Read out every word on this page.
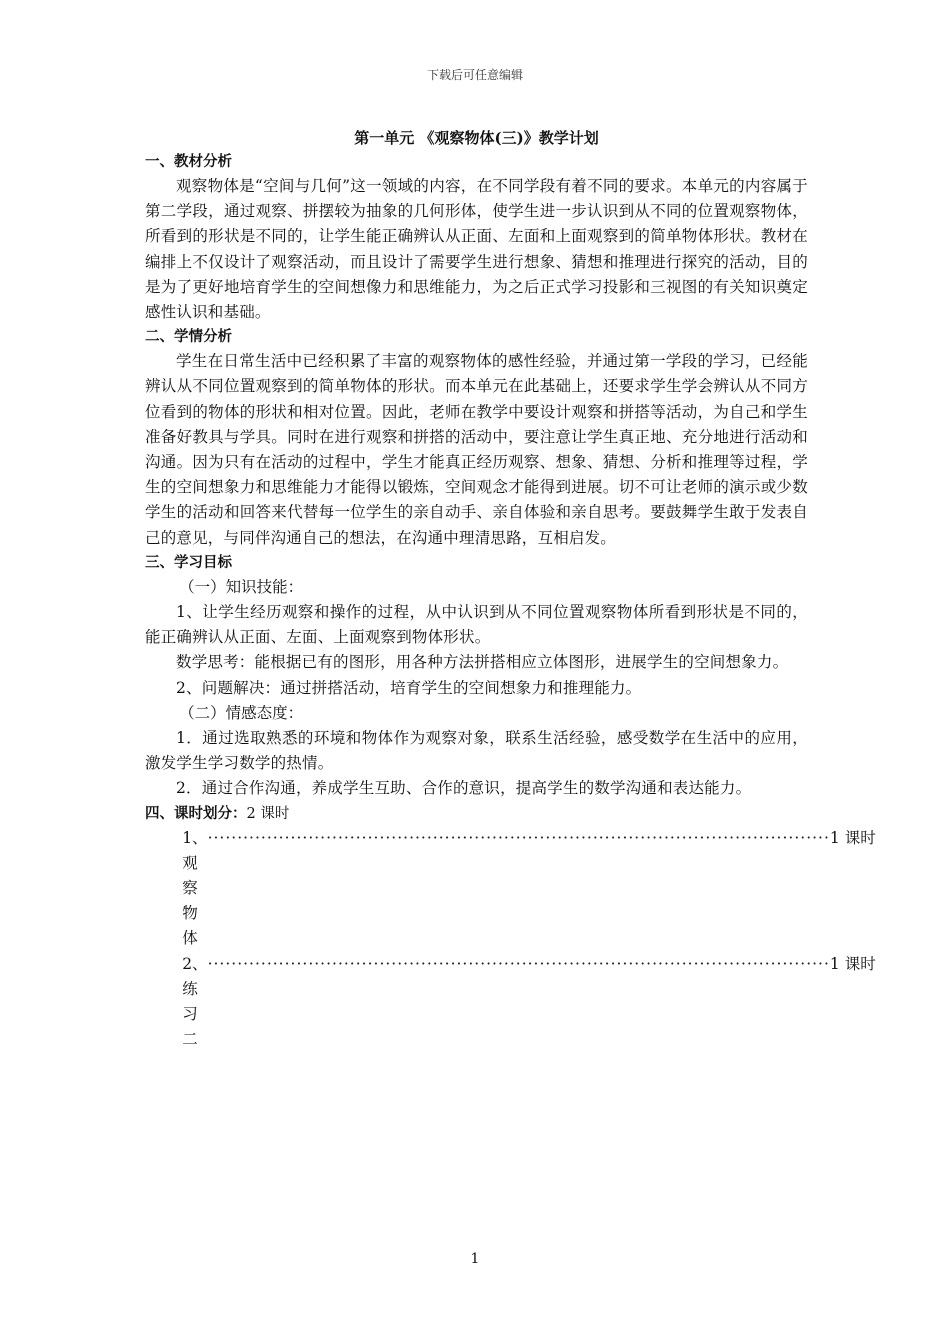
下载后可任意编辑
第一单元 《观察物体(三)》教学计划
一、教材分析

观察物体是“空间与几何”这一领域的内容，在不同学段有着不同的要求。本单元的内容属于第二学段，通过观察、拼摆较为抽象的几何形体，使学生进一步认识到从不同的位置观察物体，所看到的形状是不同的，让学生能正确辨认从正面、左面和上面观察到的简单物体形状。教材在编排上不仅设计了观察活动，而且设计了需要学生进行想象、猜想和推理进行探究的活动，目的是为了更好地培育学生的空间想像力和思维能力，为之后正式学习投影和三视图的有关知识奠定感性认识和基础。

二、学情分析

学生在日常生活中已经积累了丰富的观察物体的感性经验，并通过第一学段的学习，已经能辨认从不同位置观察到的简单物体的形状。而本单元在此基础上，还要求学生学会辨认从不同方位看到的物体的形状和相对位置。因此，老师在教学中要设计观察和拼搭等活动，为自己和学生准备好教具与学具。同时在进行观察和拼搭的活动中，要注意让学生真正地、充分地进行活动和沟通。因为只有在活动的过程中，学生才能真正经历观察、想象、猜想、分析和推理等过程，学生的空间想象力和思维能力才能得以锻炼，空间观念才能得到进展。切不可让老师的演示或少数学生的活动和回答来代替每一位学生的亲自动手、亲自体验和亲自思考。要鼓舞学生敢于发表自己的意见，与同伴沟通自己的想法，在沟通中理清思路，互相启发。

三、学习目标
（一）知识技能：

1、让学生经历观察和操作的过程，从中认识到从不同位置观察物体所看到形状是不同的，能正确辨认从正面、左面、上面观察到物体形状。

数学思考：能根据已有的图形，用各种方法拼搭相应立体图形，进展学生的空间想象力。

2、问题解决：通过拼搭活动，培育学生的空间想象力和推理能力。

（二）情感态度：

1．通过选取熟悉的环境和物体作为观察对象，联系生活经验，感受数学在生活中的应用，激发学生学习数学的热情。

2．通过合作沟通，养成学生互助、合作的意识，提高学生的数学沟通和表达能力。

四、课时划分：2 课时
1、观察物体
········································································································· 1 课时
2、练习二
········································································································· 1 课时
1
